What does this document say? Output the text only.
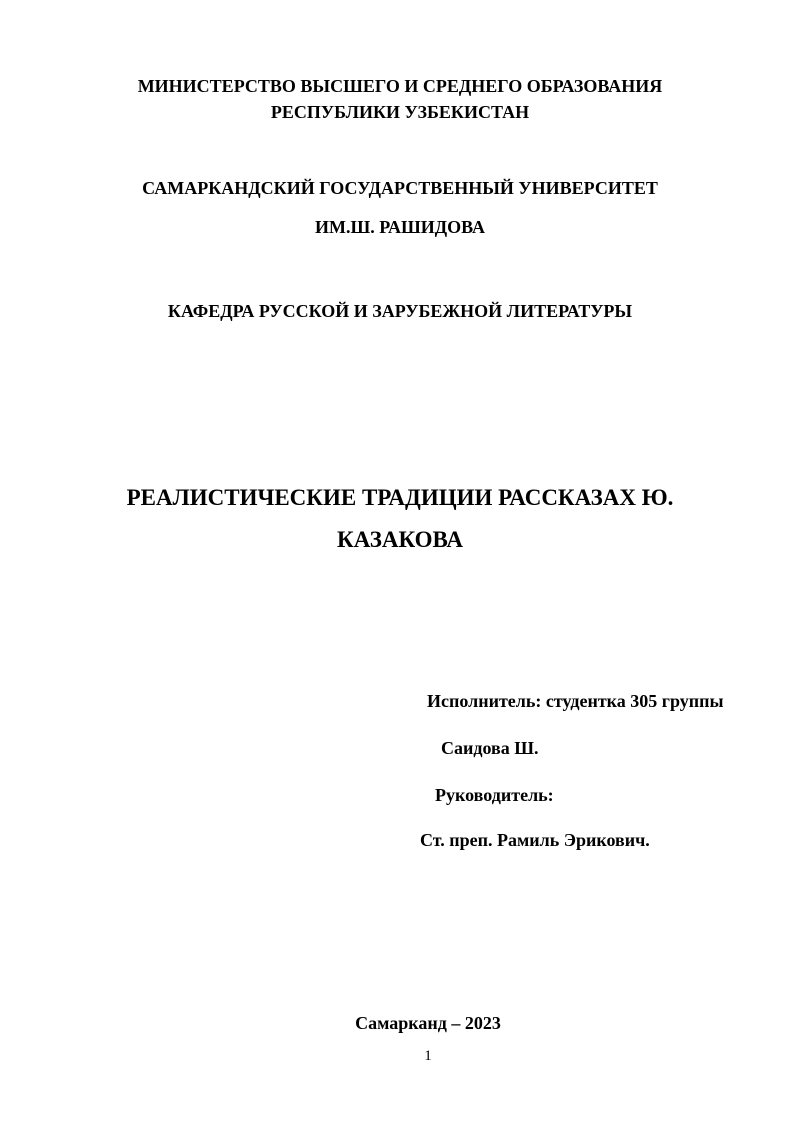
МИНИСТЕРСТВО ВЫСШЕГО И СРЕДНЕГО ОБРАЗОВАНИЯ
РЕСПУБЛИКИ УЗБЕКИСТАН
САМАРКАНДСКИЙ ГОСУДАРСТВЕННЫЙ УНИВЕРСИТЕТ
ИМ.Ш. РАШИДОВА
КАФЕДРА РУССКОЙ И ЗАРУБЕЖНОЙ ЛИТЕРАТУРЫ
РЕАЛИСТИЧЕСКИЕ ТРАДИЦИИ РАССКАЗАХ Ю.
КАЗАКОВА
Исполнитель: студентка 305 группы
Саидова Ш.
Руководитель:
Ст. преп. Рамиль Эрикович.
Самарканд – 2023
1
